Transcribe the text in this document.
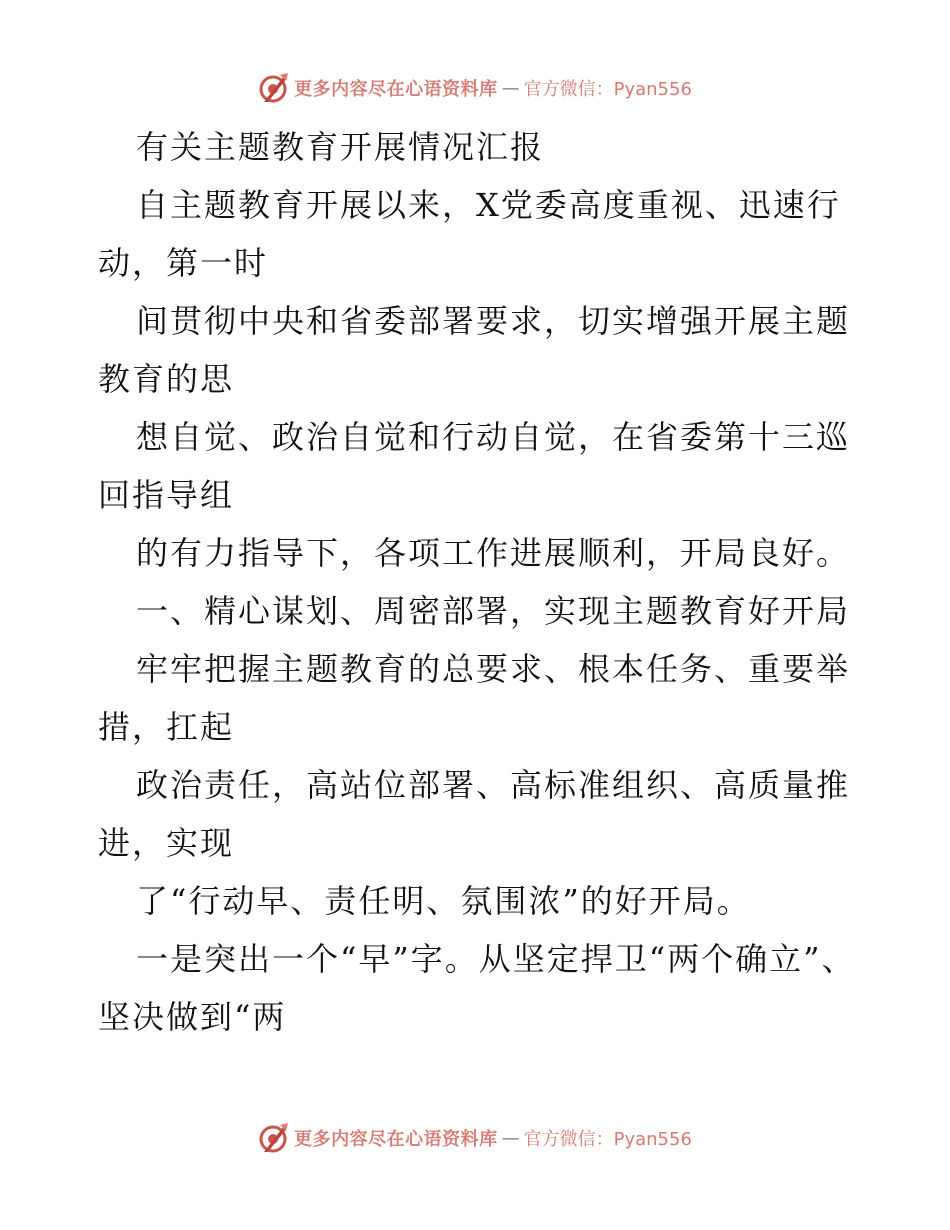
更多内容尽在心语资料库 — 官方微信：Pyan556

有关主题教育开展情况汇报

自主题教育开展以来，X党委高度重视、迅速行动，第一时

间贯彻中央和省委部署要求，切实增强开展主题教育的思

想自觉、政治自觉和行动自觉，在省委第十三巡回指导组

的有力指导下，各项工作进展顺利，开局良好。

一、精心谋划、周密部署，实现主题教育好开局

牢牢把握主题教育的总要求、根本任务、重要举措，扛起

政治责任，高站位部署、高标准组织、高质量推进，实现

了“行动早、责任明、氛围浓”的好开局。

一是突出一个“早”字。从坚定捍卫“两个确立”、坚决做到“两

更多内容尽在心语资料库 — 官方微信：Pyan556
